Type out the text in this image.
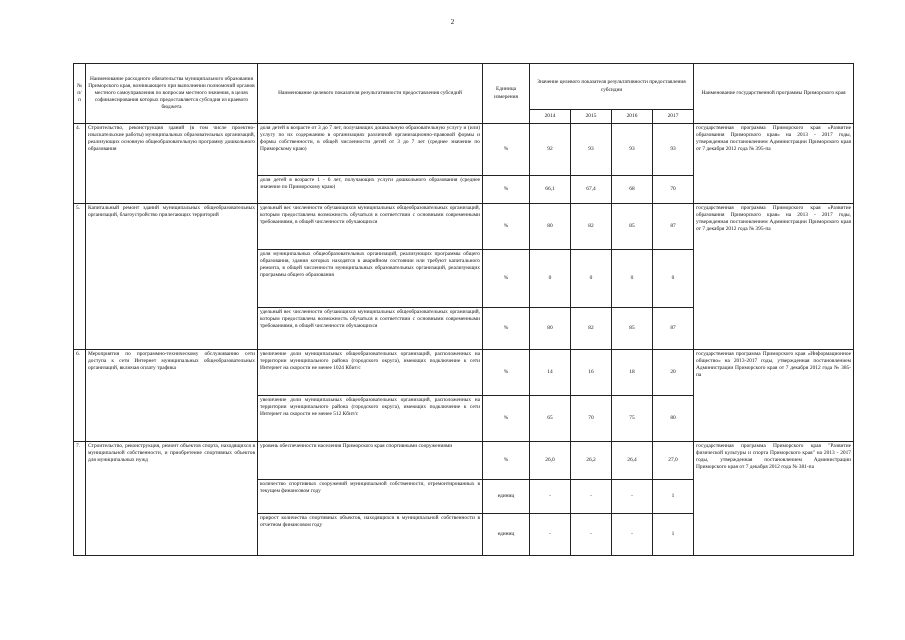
2
№ п/п	Наименование расходного обязательства муниципального образования Приморского края, возникающего при выполнении полномочий органов местного самоуправления по вопросам местного значения, в целях софинансирования которых предоставляется субсидия из краевого бюджета	Наименование целевого показателя результативности предоставления субсидий	Единица измерения	Значение целевого показателя результативности предоставления субсидии				Наименование государственной программы Приморского края
				2014	2015	2016	2017	
4.	Строительство, реконструкция зданий (в том числе проектно-изыскательские работы) муниципальных образовательных организаций, реализующих основную общеобразовательную программу дошкольного образования	доля детей в возрасте от 3 до 7 лет, получающих дошкольную образовательную услугу и (или) услугу по их содержанию в организациях различной организационно-правовой формы и формы собственности, в общей численности детей от 3 до 7 лет (среднее значение по Приморскому краю)	%	92	93	93	93	государственная программа Приморского края «Развитие образования Приморского края» на 2013 - 2017 годы, утвержденная постановлением Администрации Приморского края от 7 декабря 2012 года № 395-па
		доля детей в возрасте 1 - 6 лет, получающих услуги дошкольного образования (среднее значение по Приморскому краю)	%	66,1	67,4	68	70	
5.	Капитальный ремонт зданий муниципальных общеобразовательных организаций, благоустройство прилегающих территорий	удельный вес численности обучающихся муниципальных общеобразовательных организаций, которым предоставлена возможность обучаться в соответствии с основными современными требованиями, в общей численности обучающихся	%	80	82	85	87	государственная программа Приморского края «Развитие образования Приморского края» на 2013 - 2017 годы, утвержденная постановлением Администрации Приморского края от 7 декабря 2012 года № 395-па
		доля муниципальных общеобразовательных организаций, реализующих программы общего образования, здания которых находятся в аварийном состоянии или требуют капитального ремонта, в общей численности муниципальных образовательных организаций, реализующих программы общего образования	%	0	0	0	0	
		удельный вес численности обучающихся муниципальных общеобразовательных организаций, которым предоставлена возможность обучаться в соответствии с основными современными требованиями, в общей численности обучающихся	%	80	82	85	87	
6.	Мероприятия по программно-техническому обслуживанию сети доступа к сети Интернет муниципальных общеобразовательных организаций, включая оплату трафика	увеличение доли муниципальных общеобразовательных организаций, расположенных на территории муниципального района (городского округа), имеющих подключение к сети Интернет на скорости не менее 1024 Кбит/с	%	14	16	18	20	государственная программа Приморского края «Информационное общество» на 2013-2017 годы, утвержденная постановлением Администрации Приморского края от 7 декабря 2012 года № 385-па
		увеличение доли муниципальных общеобразовательных организаций, расположенных на территории муниципального района (городского округа), имеющих подключение к сети Интернет на скорости не менее 512 Кбит/с	%	65	70	75	80	
7.	Строительство, реконструкция, ремонт объектов спорта, находящихся в муниципальной собственности, и приобретение спортивных объектов для муниципальных нужд	уровень обеспеченности населения Приморского края спортивными сооружениями	%	26,0	26,2	26,4	27,0	государственная программа Приморского края "Развитие физической культуры и спорта Приморского края" на 2013 - 2017 годы, утвержденная постановлением Администрации Приморского края от 7 декабря 2012 года № 381-па
		количество спортивных сооружений муниципальной собственности, отремонтированных в текущем финансовом году	единиц	-	-	-	1	
		прирост количества спортивных объектов, находящихся в муниципальной собственности в отчетном финансовом году	единиц	-	-	-	1	
